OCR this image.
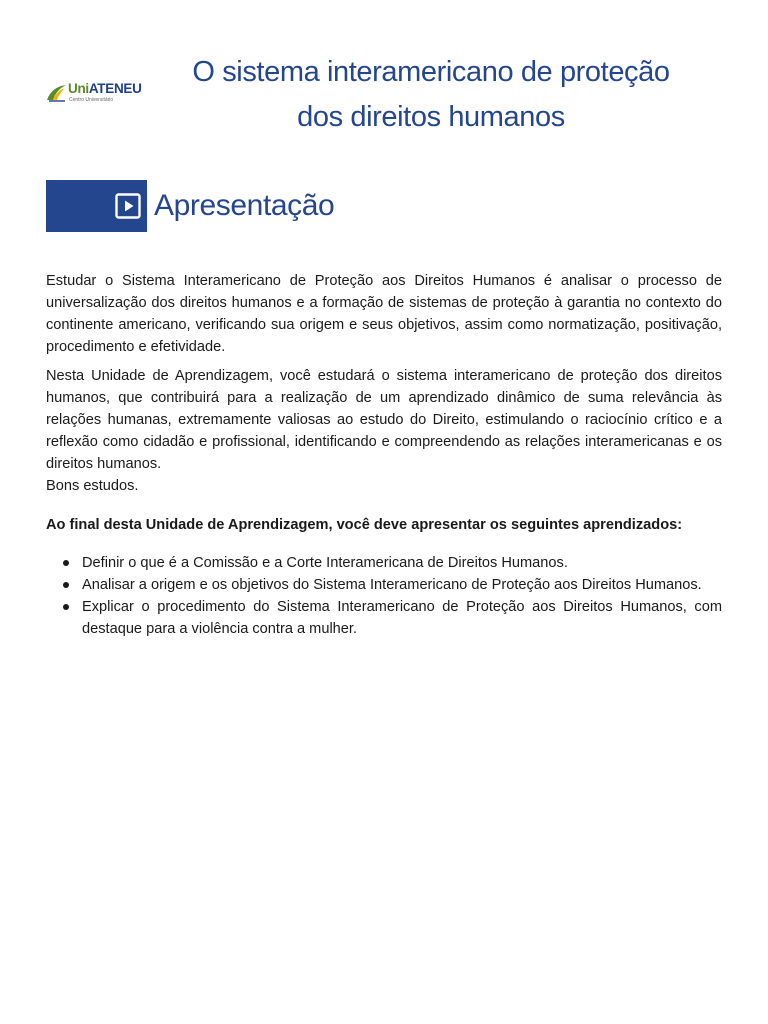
UniATENEU
Centro Universitário
O sistema interamericano de proteção
dos direitos humanos
Apresentação

Estudar o Sistema Interamericano de Proteção aos Direitos Humanos é analisar o processo de universalização dos direitos humanos e a formação de sistemas de proteção à garantia no contexto do continente americano, verificando sua origem e seus objetivos, assim como normatização, positivação, procedimento e efetividade.

Nesta Unidade de Aprendizagem, você estudará o sistema interamericano de proteção dos direitos humanos, que contribuirá para a realização de um aprendizado dinâmico de suma relevância às relações humanas, extremamente valiosas ao estudo do Direito, estimulando o raciocínio crítico e a reflexão como cidadão e profissional, identificando e compreendendo as relações interamericanas e os direitos humanos.

Bons estudos.

Ao final desta Unidade de Aprendizagem, você deve apresentar os seguintes aprendizados:

Definir o que é a Comissão e a Corte Interamericana de Direitos Humanos.
Analisar a origem e os objetivos do Sistema Interamericano de Proteção aos Direitos Humanos.
Explicar o procedimento do Sistema Interamericano de Proteção aos Direitos Humanos, com destaque para a violência contra a mulher.
